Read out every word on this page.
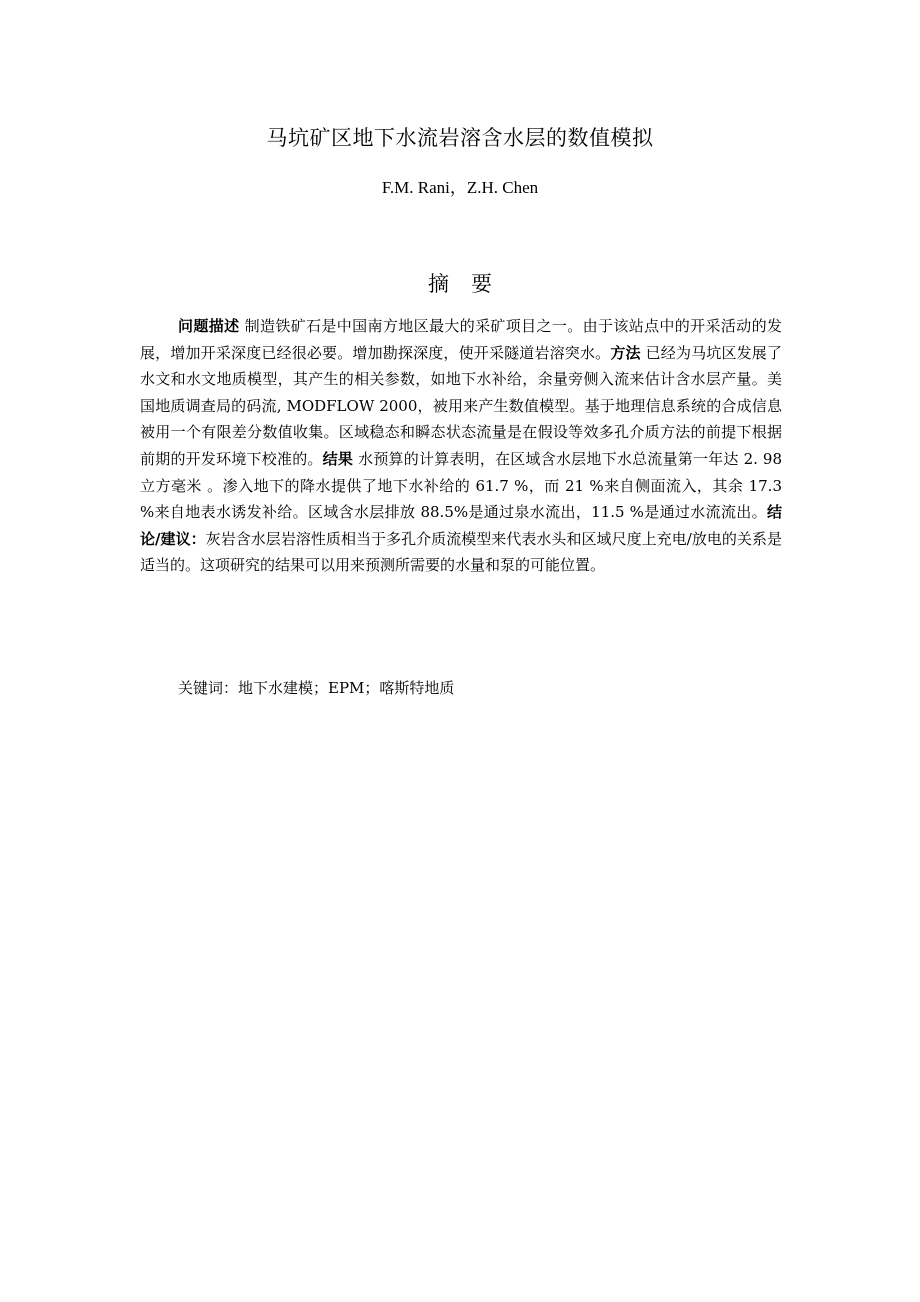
马坑矿区地下水流岩溶含水层的数值模拟
F.M. Rani，Z.H. Chen
摘要

问题描述 制造铁矿石是中国南方地区最大的采矿项目之一。由于该站点中的开采活动的发展，增加开采深度已经很必要。增加勘探深度，使开采隧道岩溶突水。方法 已经为马坑区发展了水文和水文地质模型，其产生的相关参数，如地下水补给，余量旁侧入流来估计含水层产量。美国地质调查局的码流, MODFLOW 2000，被用来产生数值模型。基于地理信息系统的合成信息被用一个有限差分数值收集。区域稳态和瞬态状态流量是在假设等效多孔介质方法的前提下根据前期的开发环境下校准的。结果 水预算的计算表明，在区域含水层地下水总流量第一年达 2. 98 立方毫米 。渗入地下的降水提供了地下水补给的 61.7 %，而 21 %来自侧面流入，其余 17.3 %来自地表水诱发补给。区域含水层排放 88.5%是通过泉水流出，11.5 %是通过水流流出。结论/建议：灰岩含水层岩溶性质相当于多孔介质流模型来代表水头和区域尺度上充电/放电的关系是适当的。这项研究的结果可以用来预测所需要的水量和泵的可能位置。

关键词：地下水建模；EPM；喀斯特地质
